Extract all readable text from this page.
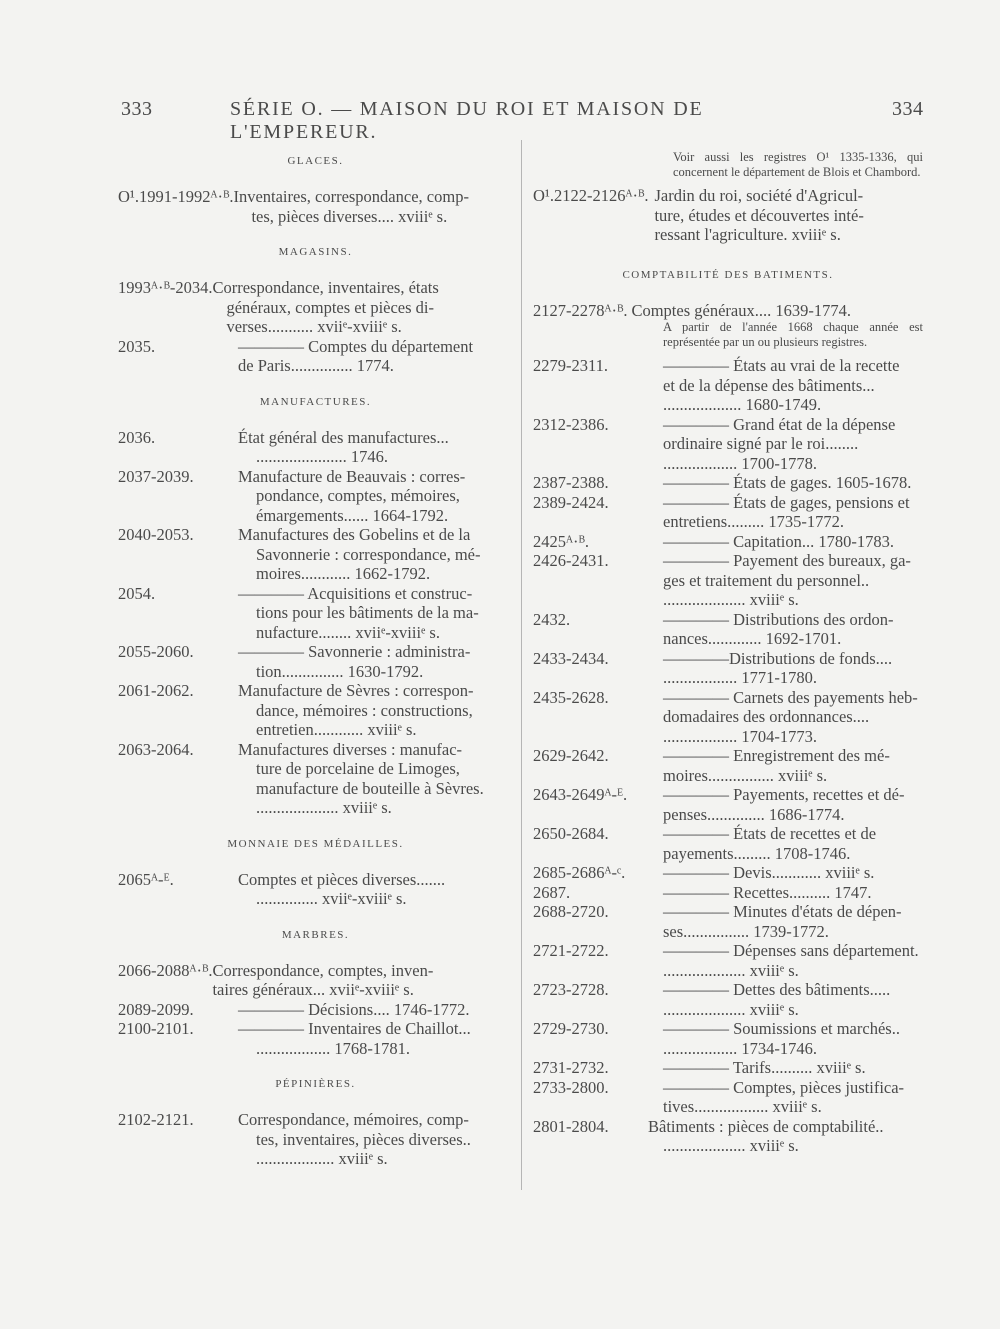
333	SÉRIE O. — MAISON DU ROI ET MAISON DE L'EMPEREUR.
334
GLACES.
O¹.1991-1992ᴬ·ᴮ. Inventaires, correspondance, comp-
tes, pièces diverses.... xviiiᵉ s.
MAGASINS.
1993ᴬ·ᴮ-2034. Correspondance, inventaires, états
généraux, comptes et pièces di-
verses........... xviiᵉ-xviiiᵉ s.
2035.	———— Comptes du département
de Paris............... 1774.
MANUFACTURES.
2036.	État général des manufactures...
...................... 1746.
2037-2039.	Manufacture de Beauvais : corres-
pondance, comptes, mémoires,
émargements...... 1664-1792.
2040-2053.	Manufactures des Gobelins et de la
Savonnerie : correspondance, mé-
moires............ 1662-1792.
2054.	———— Acquisitions et construc-
tions pour les bâtiments de la ma-
nufacture........ xviiᵉ-xviiiᵉ s.
2055-2060.	———— Savonnerie : administra-
tion............... 1630-1792.
2061-2062.	Manufacture de Sèvres : correspon-
dance, mémoires : constructions,
entretien............ xviiiᵉ s.
2063-2064.	Manufactures diverses : manufac-
ture de porcelaine de Limoges,
manufacture de bouteille à Sèvres.
.................... xviiiᵉ s.
MONNAIE DES MÉDAILLES.
2065ᴬ-ᴱ.	Comptes et pièces diverses.......
............... xviiᵉ-xviiiᵉ s.
MARBRES.
2066-2088ᴬ·ᴮ. Correspondance, comptes, inven-
taires généraux... xviiᵉ-xviiiᵉ s.
2089-2099.	———— Décisions.... 1746-1772.
2100-2101.	———— Inventaires de Chaillot...
.................. 1768-1781.
PÉPINIÈRES.
2102-2121.	Correspondance, mémoires, comp-
tes, inventaires, pièces diverses..
................... xviiiᵉ s.
Voir aussi les registres O¹ 1335-1336, qui concernent le département de Blois et Chambord.
O¹.2122-2126ᴬ·ᴮ. Jardin du roi, société d'Agricul-
ture, études et découvertes inté-
ressant l'agriculture. xviiiᵉ s.
COMPTABILITÉ DES BATIMENTS.
2127-2278ᴬ·ᴮ. Comptes généraux.... 1639-1774.
A partir de l'année 1668 chaque année est représentée par un ou plusieurs registres.
2279-2311.	———— États au vrai de la recette
et de la dépense des bâtiments...
................... 1680-1749.
2312-2386.	———— Grand état de la dépense
ordinaire signé par le roi........
.................. 1700-1778.
2387-2388.	———— États de gages. 1605-1678.
2389-2424.	———— États de gages, pensions et
entretiens......... 1735-1772.
2425ᴬ·ᴮ.	———— Capitation... 1780-1783.
2426-2431.	———— Payement des bureaux, ga-
ges et traitement du personnel..
.................... xviiiᵉ s.
2432.	———— Distributions des ordon-
nances............. 1692-1701.
2433-2434.	————Distributions de fonds....
.................. 1771-1780.
2435-2628.	———— Carnets des payements heb-
domadaires des ordonnances....
.................. 1704-1773.
2629-2642.	———— Enregistrement des mé-
moires................ xviiiᵉ s.
2643-2649ᴬ-ᴱ.	———— Payements, recettes et dé-
penses.............. 1686-1774.
2650-2684.	———— États de recettes et de
payements......... 1708-1746.
2685-2686ᴬ-ᶜ.	———— Devis............ xviiiᵉ s.
2687.	———— Recettes.......... 1747.
2688-2720.	———— Minutes d'états de dépen-
ses................ 1739-1772.
2721-2722.	———— Dépenses sans département.
.................... xviiiᵉ s.
2723-2728.	———— Dettes des bâtiments.....
.................... xviiiᵉ s.
2729-2730.	———— Soumissions et marchés..
.................. 1734-1746.
2731-2732.	———— Tarifs.......... xviiiᵉ s.
2733-2800.	———— Comptes, pièces justifica-
tives.................. xviiiᵉ s.
2801-2804.	Bâtiments : pièces de comptabilité..
.................... xviiiᵉ s.
